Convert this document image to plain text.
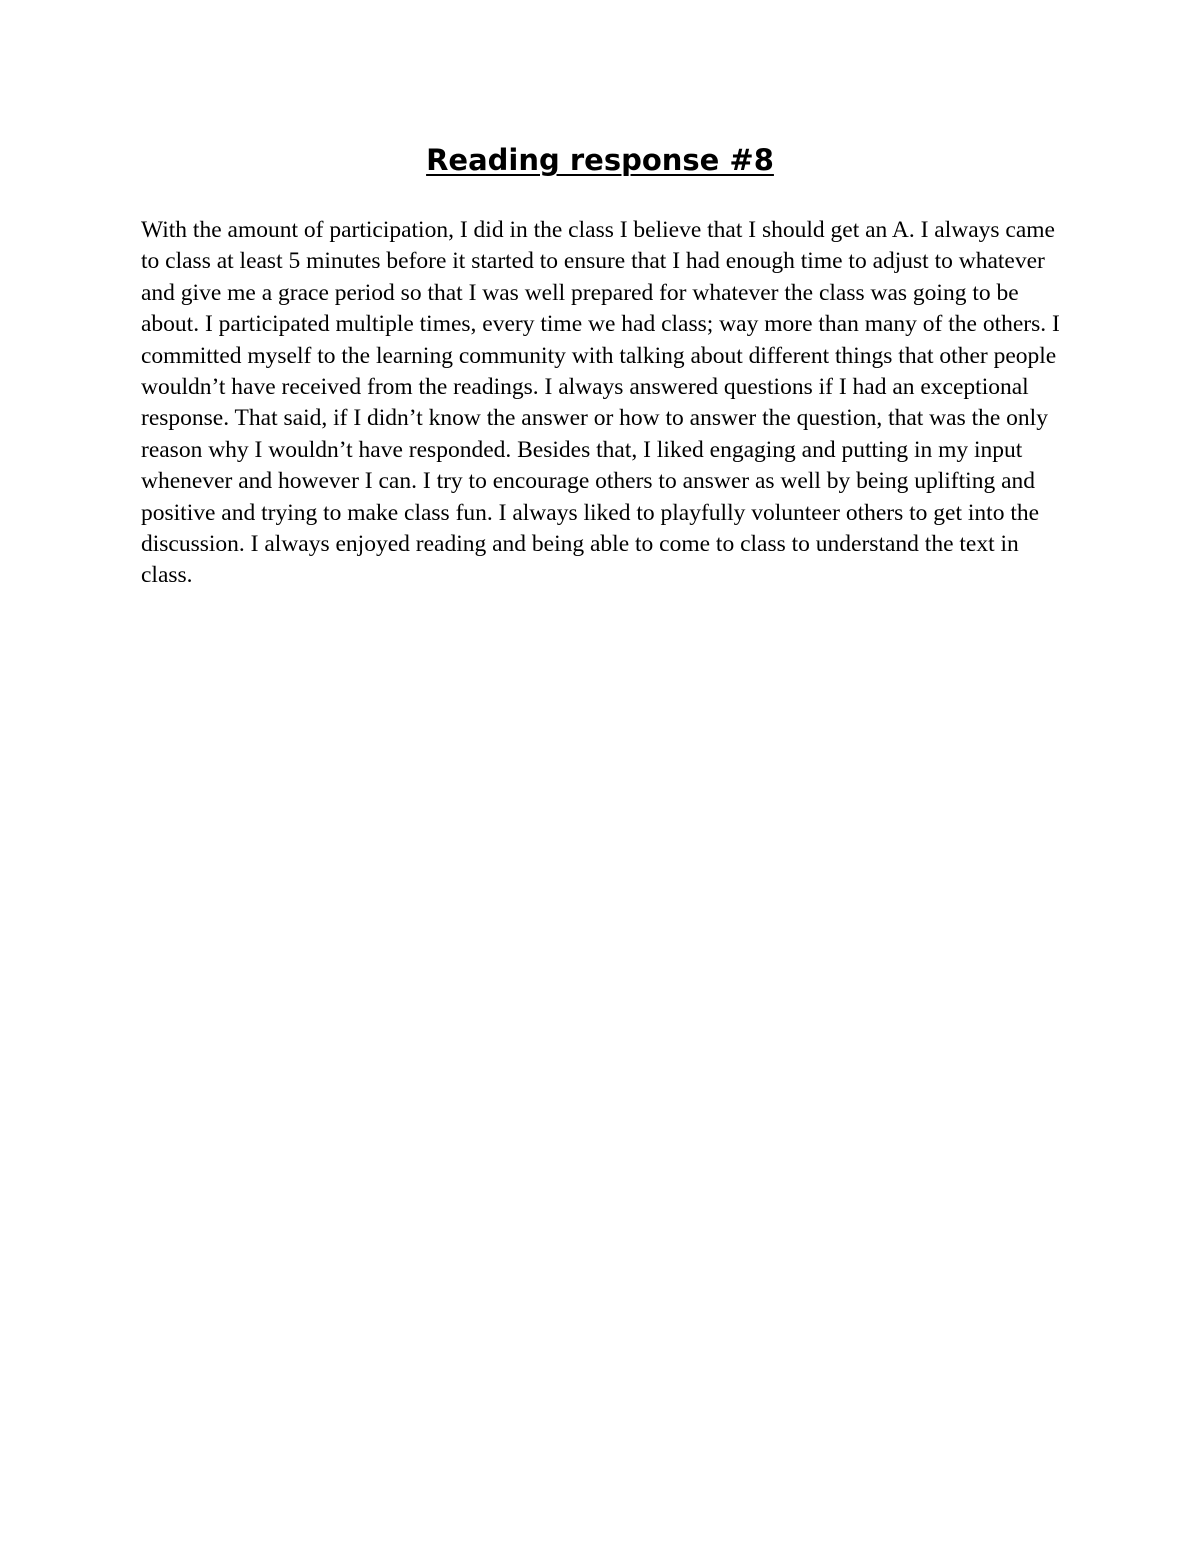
Reading response #8

With the amount of participation, I did in the class I believe that I should get an A. I always came to class at least 5 minutes before it started to ensure that I had enough time to adjust to whatever and give me a grace period so that I was well prepared for whatever the class was going to be about. I participated multiple times, every time we had class; way more than many of the others. I committed myself to the learning community with talking about different things that other people wouldn’t have received from the readings. I always answered questions if I had an exceptional response. That said, if I didn’t know the answer or how to answer the question, that was the only reason why I wouldn’t have responded. Besides that, I liked engaging and putting in my input whenever and however I can. I try to encourage others to answer as well by being uplifting and positive and trying to make class fun. I always liked to playfully volunteer others to get into the discussion. I always enjoyed reading and being able to come to class to understand the text in class.
